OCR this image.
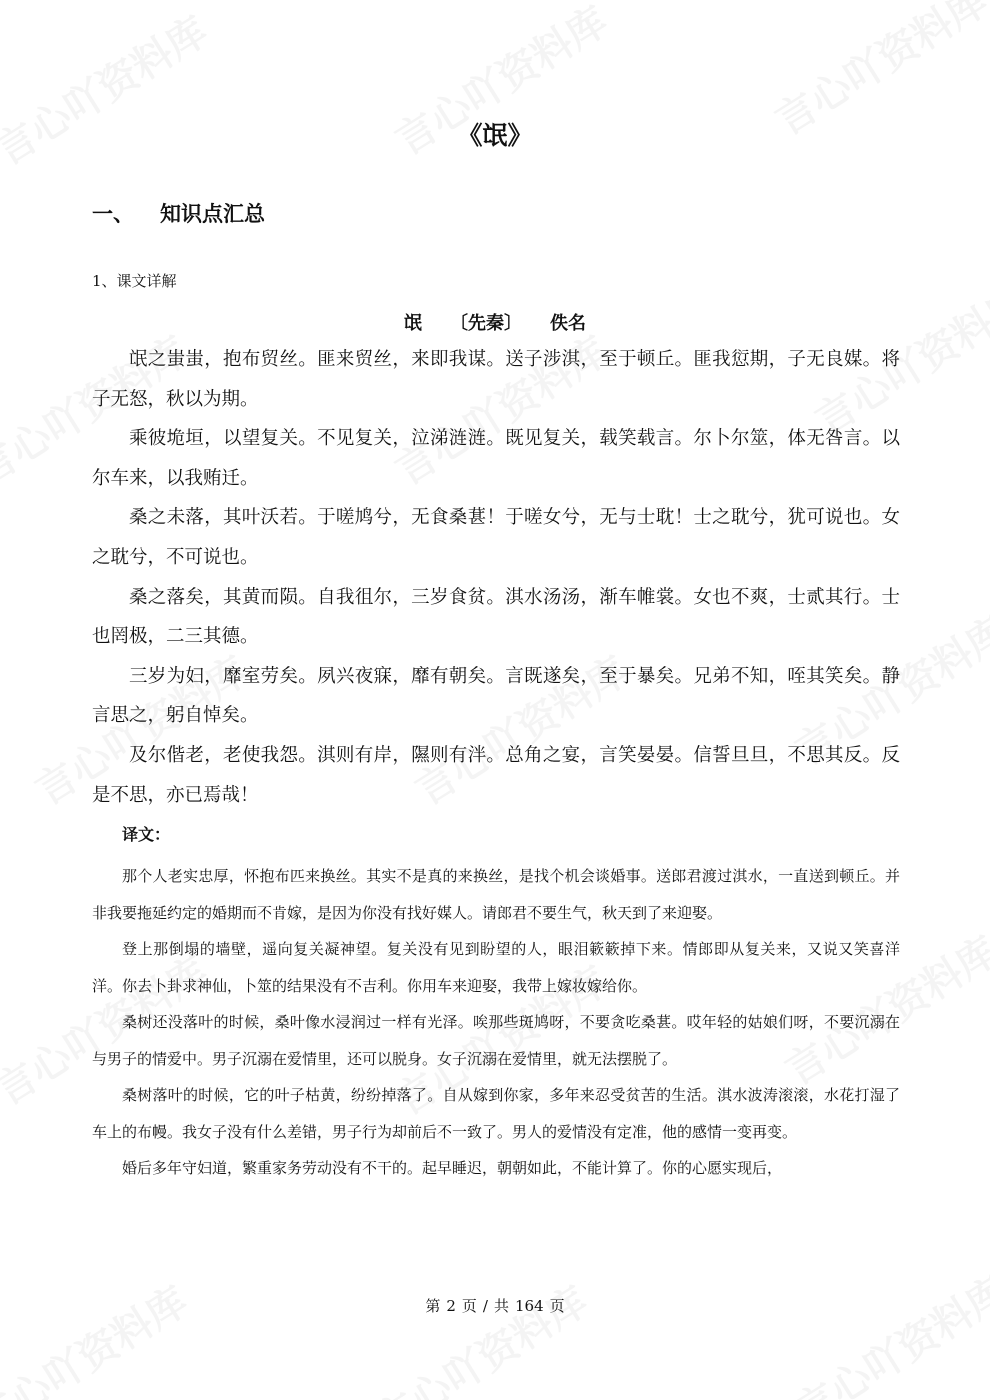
《氓》
一、 知识点汇总
1、课文详解
氓 〔先秦〕 佚名

氓之蚩蚩，抱布贸丝。匪来贸丝，来即我谋。送子涉淇，至于顿丘。匪我愆期，子无良媒。将子无怒，秋以为期。

乘彼垝垣，以望复关。不见复关，泣涕涟涟。既见复关，载笑载言。尔卜尔筮，体无咎言。以尔车来，以我贿迁。

桑之未落，其叶沃若。于嗟鸠兮，无食桑葚！于嗟女兮，无与士耽！士之耽兮，犹可说也。女之耽兮，不可说也。

桑之落矣，其黄而陨。自我徂尔，三岁食贫。淇水汤汤，渐车帷裳。女也不爽，士贰其行。士也罔极，二三其德。

三岁为妇，靡室劳矣。夙兴夜寐，靡有朝矣。言既遂矣，至于暴矣。兄弟不知，咥其笑矣。静言思之，躬自悼矣。

及尔偕老，老使我怨。淇则有岸，隰则有泮。总角之宴，言笑晏晏。信誓旦旦，不思其反。反是不思，亦已焉哉！

译文：

那个人老实忠厚，怀抱布匹来换丝。其实不是真的来换丝，是找个机会谈婚事。送郎君渡过淇水，一直送到顿丘。并非我要拖延约定的婚期而不肯嫁，是因为你没有找好媒人。请郎君不要生气，秋天到了来迎娶。

登上那倒塌的墙壁，遥向复关凝神望。复关没有见到盼望的人，眼泪簌簌掉下来。情郎即从复关来，又说又笑喜洋洋。你去卜卦求神仙，卜筮的结果没有不吉利。你用车来迎娶，我带上嫁妆嫁给你。

桑树还没落叶的时候，桑叶像水浸润过一样有光泽。唉那些斑鸠呀，不要贪吃桑葚。哎年轻的姑娘们呀，不要沉溺在与男子的情爱中。男子沉溺在爱情里，还可以脱身。女子沉溺在爱情里，就无法摆脱了。

桑树落叶的时候，它的叶子枯黄，纷纷掉落了。自从嫁到你家，多年来忍受贫苦的生活。淇水波涛滚滚，水花打湿了车上的布幔。我女子没有什么差错，男子行为却前后不一致了。男人的爱情没有定准，他的感情一变再变。

婚后多年守妇道，繁重家务劳动没有不干的。起早睡迟，朝朝如此，不能计算了。你的心愿实现后，

第 2 页 / 共 164 页
